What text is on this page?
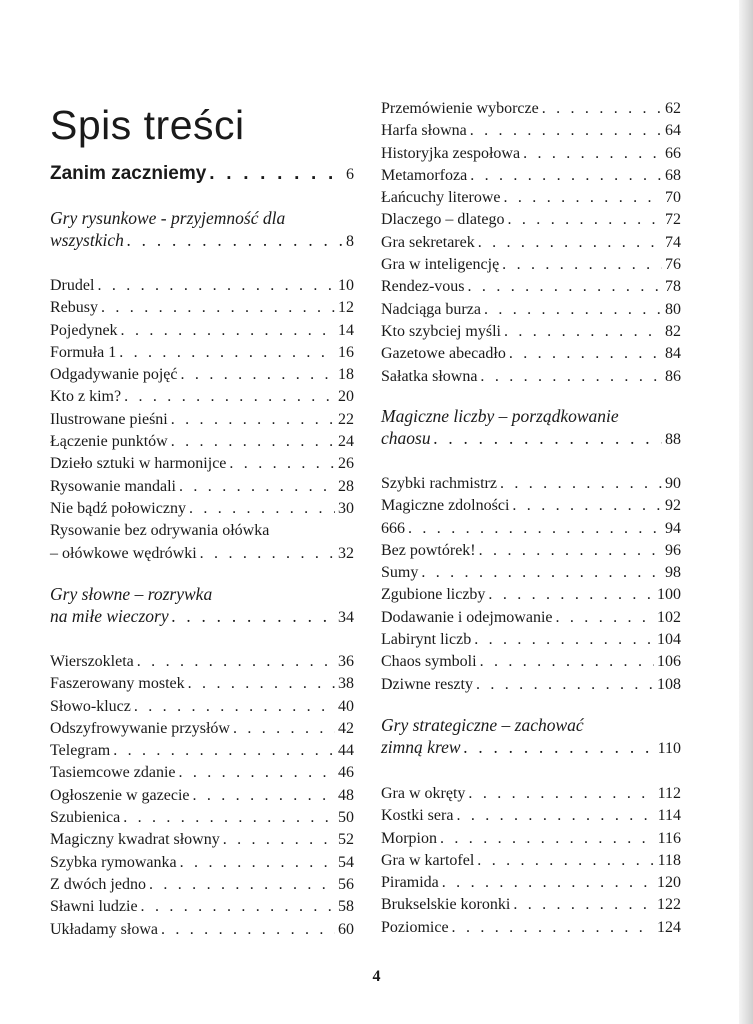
Spis treści
Zanim zaczniemy . . .	6
Gry rysunkowe - przyjemność dla
wszystkich . . .	8
Drudel . . .	10
Rebusy . . .	12
Pojedynek . . .	14
Formuła 1 . . .	16
Odgadywanie pojęć . . .	18
Kto z kim? . . .	20
Ilustrowane pieśni . . .	22
Łączenie punktów . . .	24
Dzieło sztuki w harmonijce . . .	26
Rysowanie mandali . . .	28
Nie bądź połowiczny . . .	30
Rysowanie bez odrywania ołówka
– ołówkowe wędrówki . . .	32
Gry słowne – rozrywka
na miłe wieczory . . .	34
Wierszokleta . . .	36
Faszerowany mostek . . .	38
Słowo-klucz . . .	40
Odszyfrowywanie przysłów . . .	42
Telegram . . .	44
Tasiemcowe zdanie . . .	46
Ogłoszenie w gazecie . . .	48
Szubienica . . .	50
Magiczny kwadrat słowny . . .	52
Szybka rymowanka . . .	54
Z dwóch jedno . . .	56
Sławni ludzie . . .	58
Układamy słowa . . .	60
Przemówienie wyborcze . . .	62
Harfa słowna . . .	64
Historyjka zespołowa . . .	66
Metamorfoza . . .	68
Łańcuchy literowe . . .	70
Dlaczego – dlatego . . .	72
Gra sekretarek . . .	74
Gra w inteligencję . . .	76
Rendez-vous . . .	78
Nadciąga burza . . .	80
Kto szybciej myśli . . .	82
Gazetowe abecadło . . .	84
Sałatka słowna . . .	86
Magiczne liczby – porządkowanie
chaosu . . .	88
Szybki rachmistrz . . .	90
Magiczne zdolności . . .	92
666 . . .	94
Bez powtórek! . . .	96
Sumy . . .	98
Zgubione liczby . . .	100
Dodawanie i odejmowanie . . .	102
Labirynt liczb . . .	104
Chaos symboli . . .	106
Dziwne reszty . . .	108
Gry strategiczne – zachować
zimną krew . . .	110
Gra w okręty . . .	112
Kostki sera . . .	114
Morpion . . .	116
Gra w kartofel . . .	118
Piramida . . .	120
Brukselskie koronki . . .	122
Poziomice . . .	124
4
